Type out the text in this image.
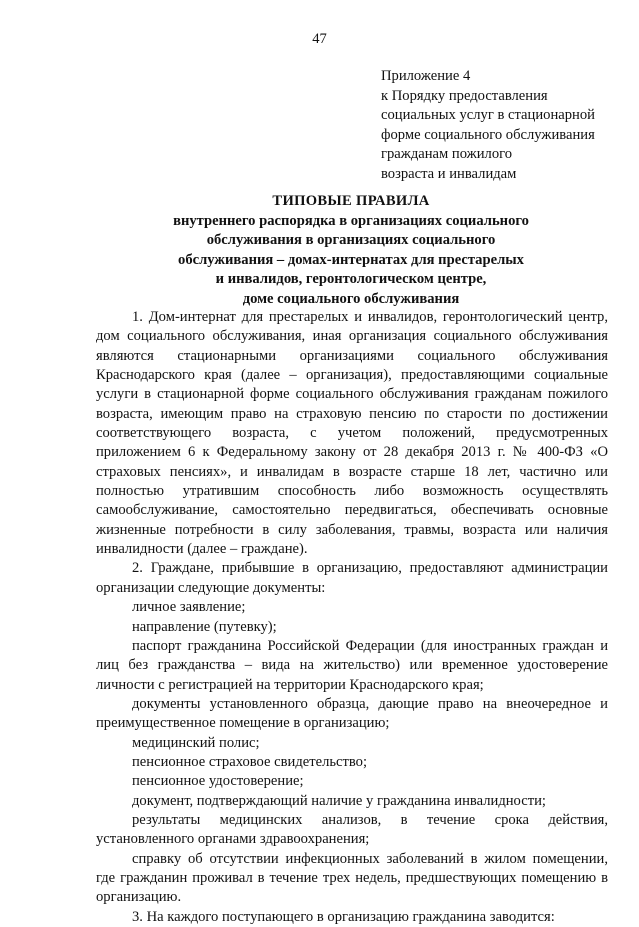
47
Приложение 4
к Порядку предоставления
социальных услуг в стационарной
форме социального обслуживания
гражданам пожилого
возраста и инвалидам
ТИПОВЫЕ ПРАВИЛА
внутреннего распорядка в организациях социального
обслуживания в организациях социального
обслуживания – домах-интернатах для престарелых
и инвалидов, геронтологическом центре,
доме социального обслуживания

1. Дом-интернат для престарелых и инвалидов, геронтологический центр, дом социального обслуживания, иная организация социального обслуживания являются стационарными организациями социального обслуживания Краснодарского края (далее – организация), предоставляющими социальные услуги в стационарной форме социального обслуживания гражданам пожилого возраста, имеющим право на страховую пенсию по старости по достижении соответствующего возраста, с учетом положений, предусмотренных приложением 6 к Федеральному закону от 28 декабря 2013 г. № 400-ФЗ «О страховых пенсиях», и инвалидам в возрасте старше 18 лет, частично или полностью утратившим способность либо возможность осуществлять самообслуживание, самостоятельно передвигаться, обеспечивать основные жизненные потребности в силу заболевания, травмы, возраста или наличия инвалидности (далее – граждане).

2. Граждане, прибывшие в организацию, предоставляют администрации организации следующие документы:

личное заявление;

направление (путевку);

паспорт гражданина Российской Федерации (для иностранных граждан и лиц без гражданства – вида на жительство) или временное удостоверение личности с регистрацией на территории Краснодарского края;

документы установленного образца, дающие право на внеочередное и преимущественное помещение в организацию;

медицинский полис;

пенсионное страховое свидетельство;

пенсионное удостоверение;

документ, подтверждающий наличие у гражданина инвалидности;

результаты медицинских анализов, в течение срока действия, установленного органами здравоохранения;

справку об отсутствии инфекционных заболеваний в жилом помещении, где гражданин проживал в течение трех недель, предшествующих помещению в организацию.

3. На каждого поступающего в организацию гражданина заводится:
